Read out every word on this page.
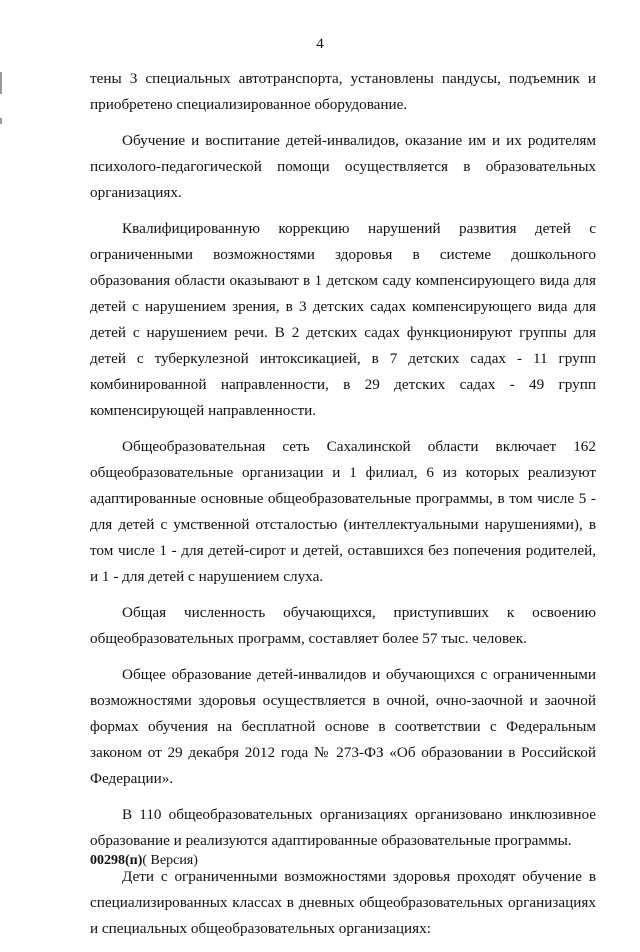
4

тены 3 специальных автотранспорта, установлены пандусы, подъемник и приобретено специализированное оборудование.

Обучение и воспитание детей-инвалидов, оказание им и их родителям психолого-педагогической помощи осуществляется в образовательных организациях.

Квалифицированную коррекцию нарушений развития детей с ограниченными возможностями здоровья в системе дошкольного образования области оказывают в 1 детском саду компенсирующего вида для детей с нарушением зрения, в 3 детских садах компенсирующего вида для детей с нарушением речи. В 2 детских садах функционируют группы для детей с туберкулезной интоксикацией, в 7 детских садах - 11 групп комбинированной направленности, в 29 детских садах - 49 групп компенсирующей направленности.

Общеобразовательная сеть Сахалинской области включает 162 общеобразовательные организации и 1 филиал, 6 из которых реализуют адаптированные основные общеобразовательные программы, в том числе 5 - для детей с умственной отсталостью (интеллектуальными нарушениями), в том числе 1 - для детей-сирот и детей, оставшихся без попечения родителей, и 1 - для детей с нарушением слуха.

Общая численность обучающихся, приступивших к освоению общеобразовательных программ, составляет более 57 тыс. человек.

Общее образование детей-инвалидов и обучающихся с ограниченными возможностями здоровья осуществляется в очной, очно-заочной и заочной формах обучения на бесплатной основе в соответствии с Федеральным законом от 29 декабря 2012 года № 273-ФЗ «Об образовании в Российской Федерации».

В 110 общеобразовательных организациях организовано инклюзивное образование и реализуются адаптированные образовательные программы.

Дети с ограниченными возможностями здоровья проходят обучение в специализированных классах в дневных общеобразовательных организациях и специальных общеобразовательных организациях:

00298(п)( Версия)
